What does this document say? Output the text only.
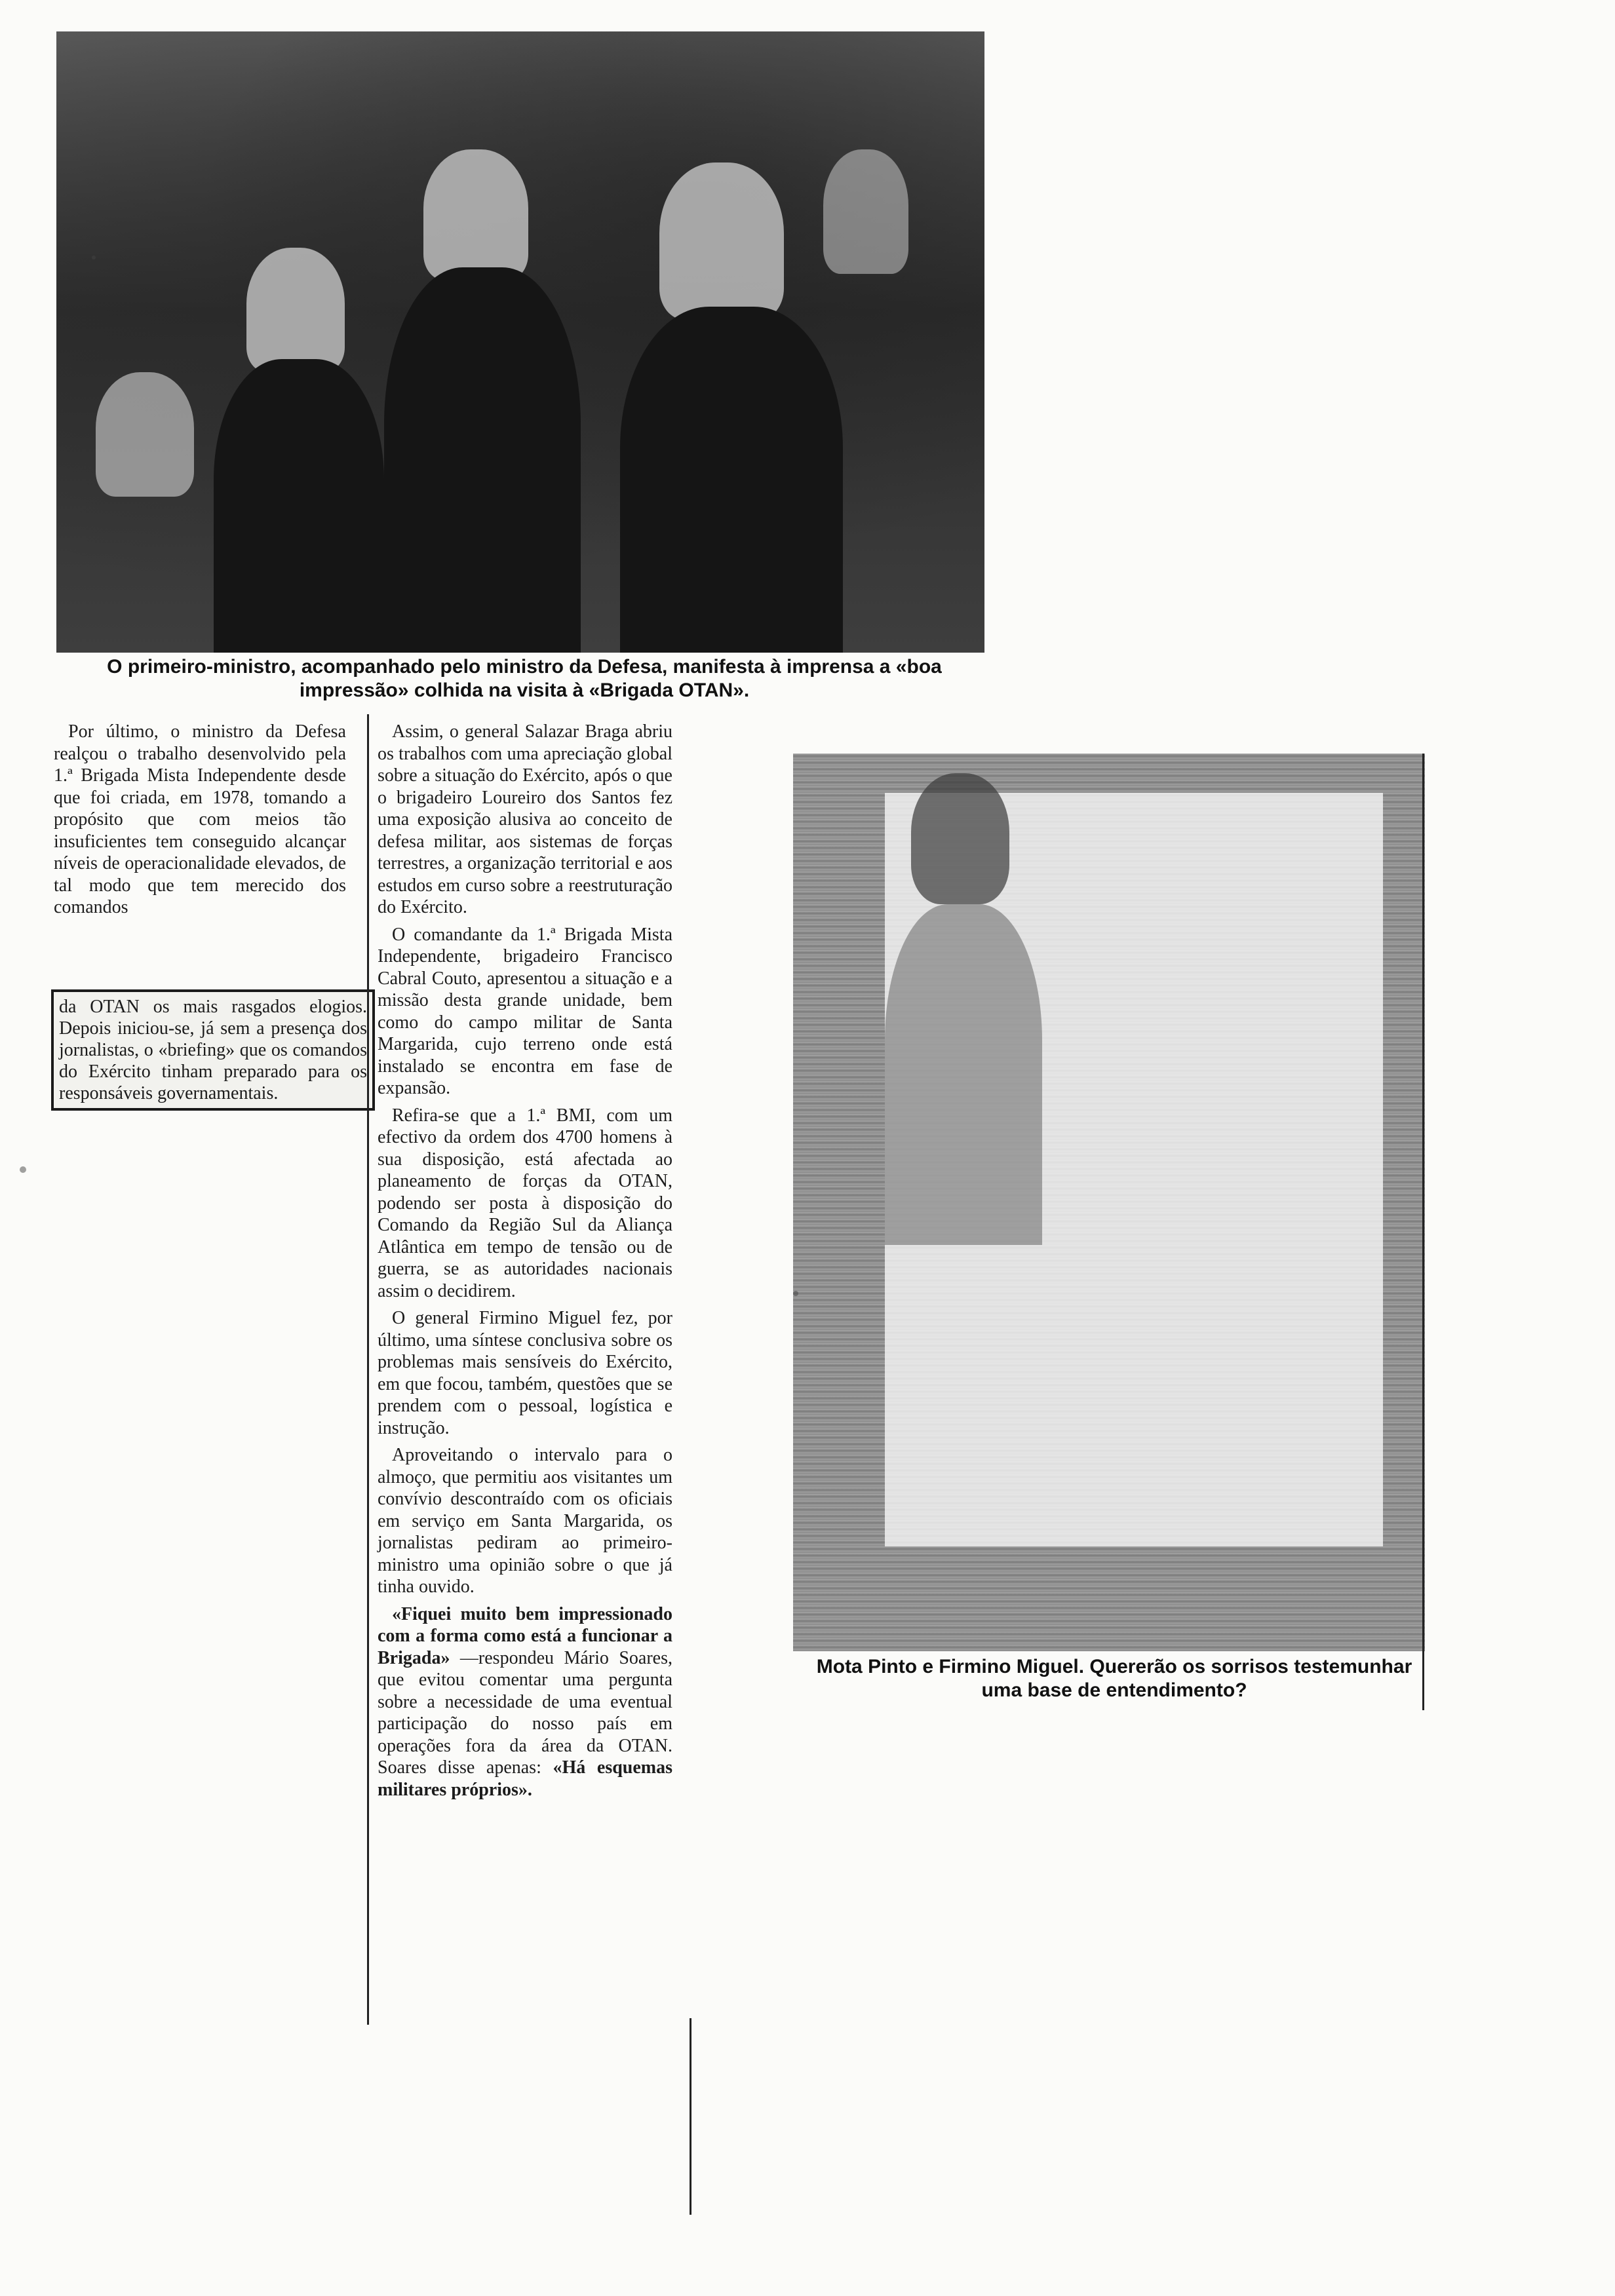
O primeiro-ministro, acompanhado pelo ministro da Defesa, manifesta à imprensa a «boa impressão» colhida na visita à «Brigada OTAN».

Por último, o ministro da Defesa realçou o trabalho desenvolvido pela 1.ª Brigada Mista Independente desde que foi criada, em 1978, tomando a propósito que com meios tão insuficientes tem conseguido alcançar níveis de operacionalidade elevados, de tal modo que tem merecido dos comandos

da OTAN os mais rasgados elogios. Depois iniciou-se, já sem a presença dos jornalistas, o «briefing» que os comandos do Exército tinham preparado para os responsáveis governamentais.

Assim, o general Salazar Braga abriu os trabalhos com uma apreciação global sobre a situação do Exército, após o que o brigadeiro Loureiro dos Santos fez uma exposição alusiva ao conceito de defesa militar, aos sistemas de forças terrestres, a organização territorial e aos estudos em curso sobre a reestruturação do Exército.

O comandante da 1.ª Brigada Mista Independente, brigadeiro Francisco Cabral Couto, apresentou a situação e a missão desta grande unidade, bem como do campo militar de Santa Margarida, cujo terreno onde está instalado se encontra em fase de expansão.

Refira-se que a 1.ª BMI, com um efectivo da ordem dos 4700 homens à sua disposição, está afectada ao planeamento de forças da OTAN, podendo ser posta à disposição do Comando da Região Sul da Aliança Atlântica em tempo de tensão ou de guerra, se as autoridades nacionais assim o decidirem.

O general Firmino Miguel fez, por último, uma síntese conclusiva sobre os problemas mais sensíveis do Exército, em que focou, também, questões que se prendem com o pessoal, logística e instrução.

Aproveitando o intervalo para o almoço, que permitiu aos visitantes um convívio descontraído com os oficiais em serviço em Santa Margarida, os jornalistas pediram ao primeiro-ministro uma opinião sobre o que já tinha ouvido.

«Fiquei muito bem impressionado com a forma como está a funcionar a Brigada» —respondeu Mário Soares, que evitou comentar uma pergunta sobre a necessidade de uma eventual participação do nosso país em operações fora da área da OTAN. Soares disse apenas: «Há esquemas militares próprios».

Mota Pinto e Firmino Miguel. Quererão os sorrisos testemunhar uma base de entendimento?
